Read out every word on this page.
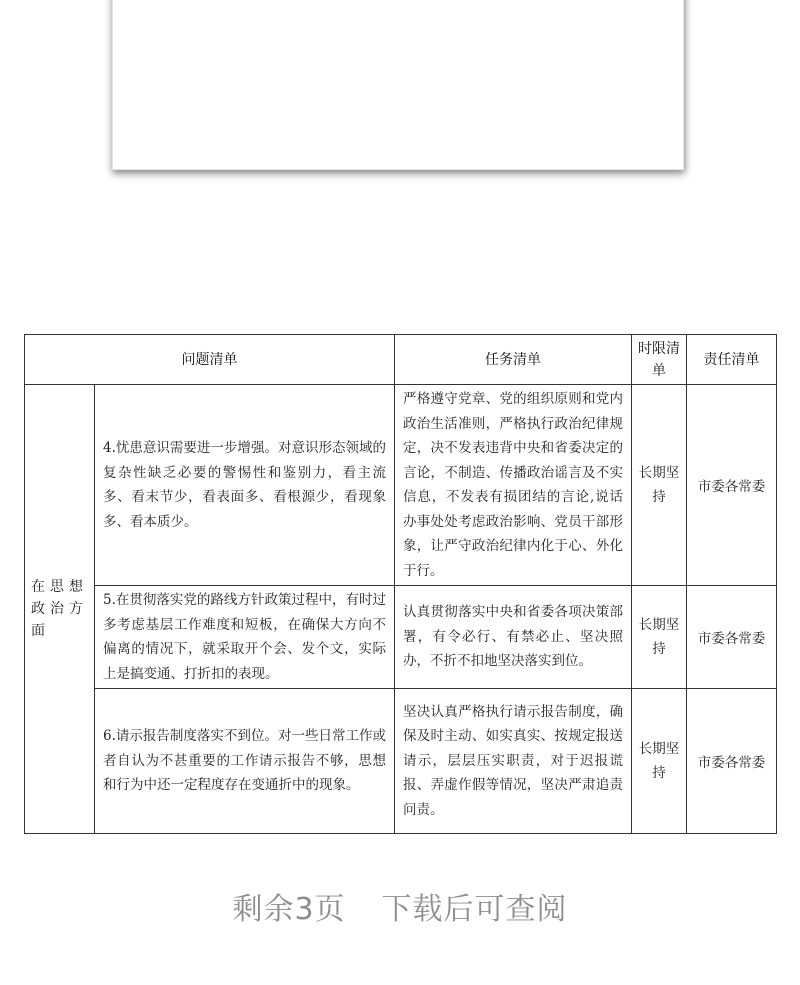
问题清单		任务清单	时限清单	责任清单
在思想政治方面	4.忧患意识需要进一步增强。对意识形态领域的复杂性缺乏必要的警惕性和鉴别力，看主流多、看末节少，看表面多、看根源少，看现象多、看本质少。	严格遵守党章、党的组织原则和党内政治生活准则，严格执行政治纪律规定，决不发表违背中央和省委决定的言论，不制造、传播政治谣言及不实信息，不发表有损团结的言论,说话办事处处考虑政治影响、党员干部形象，让严守政治纪律内化于心、外化于行。	长期坚持	市委各常委
	5.在贯彻落实党的路线方针政策过程中，有时过多考虑基层工作难度和短板，在确保大方向不偏离的情况下，就采取开个会、发个文，实际上是搞变通、打折扣的表现。	认真贯彻落实中央和省委各项决策部署，有令必行、有禁必止、坚决照办，不折不扣地坚决落实到位。	长期坚持	市委各常委
	6.请示报告制度落实不到位。对一些日常工作或者自认为不甚重要的工作请示报告不够，思想和行为中还一定程度存在变通折中的现象。	坚决认真严格执行请示报告制度，确保及时主动、如实真实、按规定报送请示，层层压实职责，对于迟报谎报、弄虚作假等情况，坚决严肃追责问责。	长期坚持	市委各常委
剩余3页 下载后可查阅
